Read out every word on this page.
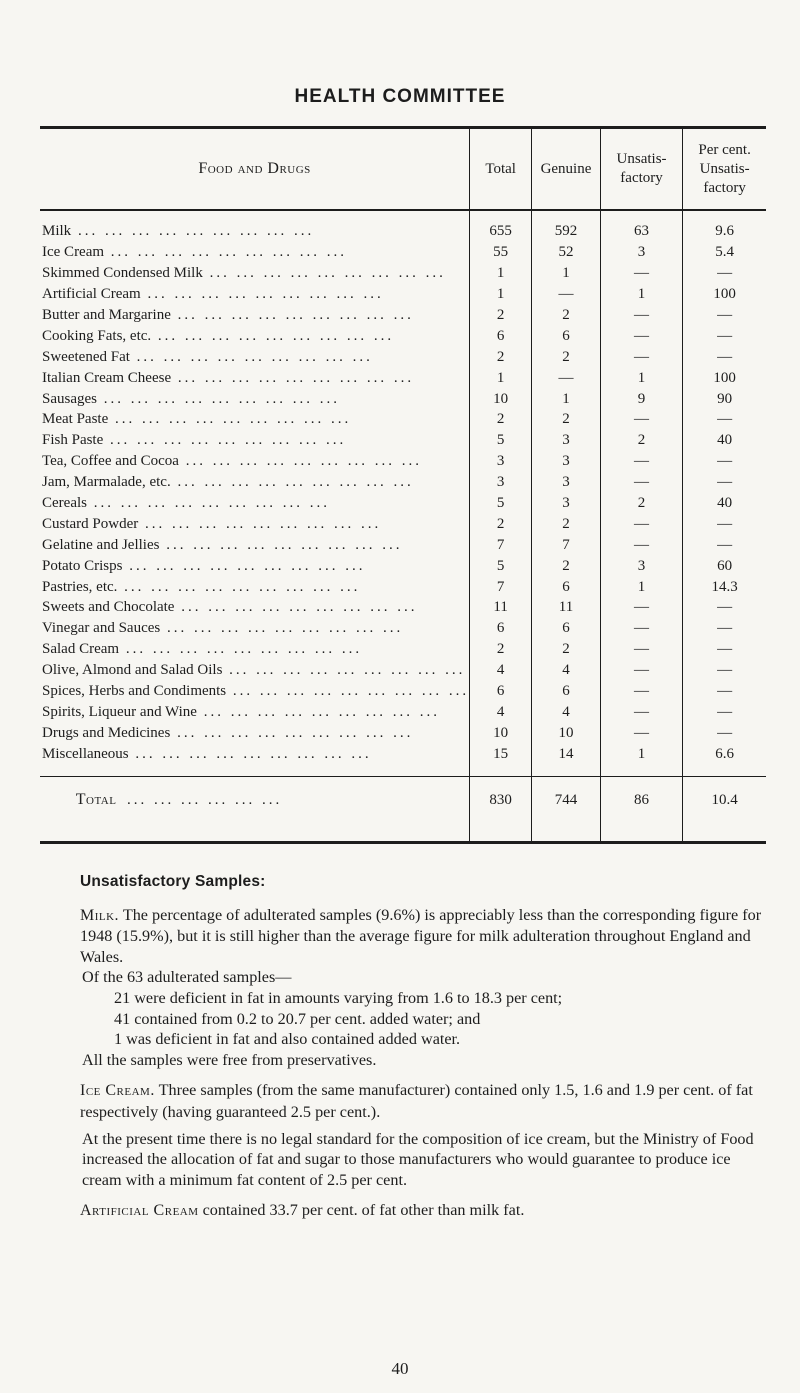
HEALTH COMMITTEE
Food and Drugs	Total	Genuine	Unsatis- factory	Per cent. Unsatis- factory

Milk ... ... ... ... ... ... ... ... ...	655	592	63	9.6
Ice Cream ... ... ... ... ... ... ... ... ...	55	52	3	5.4
Skimmed Condensed Milk ... ... ... ... ... ... ... ... ...	1	1	—	—
Artificial Cream ... ... ... ... ... ... ... ... ...	1	—	1	100
Butter and Margarine ... ... ... ... ... ... ... ... ...	2	2	—	—
Cooking Fats, etc. ... ... ... ... ... ... ... ... ...	6	6	—	—
Sweetened Fat ... ... ... ... ... ... ... ... ...	2	2	—	—
Italian Cream Cheese ... ... ... ... ... ... ... ... ...	1	—	1	100
Sausages ... ... ... ... ... ... ... ... ...	10	1	9	90
Meat Paste ... ... ... ... ... ... ... ... ...	2	2	—	—
Fish Paste ... ... ... ... ... ... ... ... ...	5	3	2	40
Tea, Coffee and Cocoa ... ... ... ... ... ... ... ... ...	3	3	—	—
Jam, Marmalade, etc. ... ... ... ... ... ... ... ... ...	3	3	—	—
Cereals ... ... ... ... ... ... ... ... ...	5	3	2	40
Custard Powder ... ... ... ... ... ... ... ... ...	2	2	—	—
Gelatine and Jellies ... ... ... ... ... ... ... ... ...	7	7	—	—
Potato Crisps ... ... ... ... ... ... ... ... ...	5	2	3	60
Pastries, etc. ... ... ... ... ... ... ... ... ...	7	6	1	14.3
Sweets and Chocolate ... ... ... ... ... ... ... ... ...	11	11	—	—
Vinegar and Sauces ... ... ... ... ... ... ... ... ...	6	6	—	—
Salad Cream ... ... ... ... ... ... ... ... ...	2	2	—	—
Olive, Almond and Salad Oils ... ... ... ... ... ... ... ... ...	4	4	—	—
Spices, Herbs and Condiments ... ... ... ... ... ... ... ... ...	6	6	—	—
Spirits, Liqueur and Wine ... ... ... ... ... ... ... ... ...	4	4	—	—
Drugs and Medicines ... ... ... ... ... ... ... ... ...	10	10	—	—
Miscellaneous ... ... ... ... ... ... ... ... ...	15	14	1	6.6

Total  ... ... ... ... ... ...	830	744	86	10.4

Unsatisfactory Samples:

Milk. The percentage of adulterated samples (9.6%) is appreciably less than the corresponding figure for 1948 (15.9%), but it is still higher than the average figure for milk adulteration throughout England and Wales.

Of the 63 adulterated samples—

21 were deficient in fat in amounts varying from 1.6 to 18.3 per cent;

41 contained from 0.2 to 20.7 per cent. added water; and

1 was deficient in fat and also contained added water.

All the samples were free from preservatives.

Ice Cream. Three samples (from the same manufacturer) contained only 1.5, 1.6 and 1.9 per cent. of fat respectively (having guaranteed 2.5 per cent.).

At the present time there is no legal standard for the composition of ice cream, but the Ministry of Food increased the allocation of fat and sugar to those manufacturers who would guarantee to produce ice cream with a minimum fat content of 2.5 per cent.

Artificial Cream contained 33.7 per cent. of fat other than milk fat.

40
